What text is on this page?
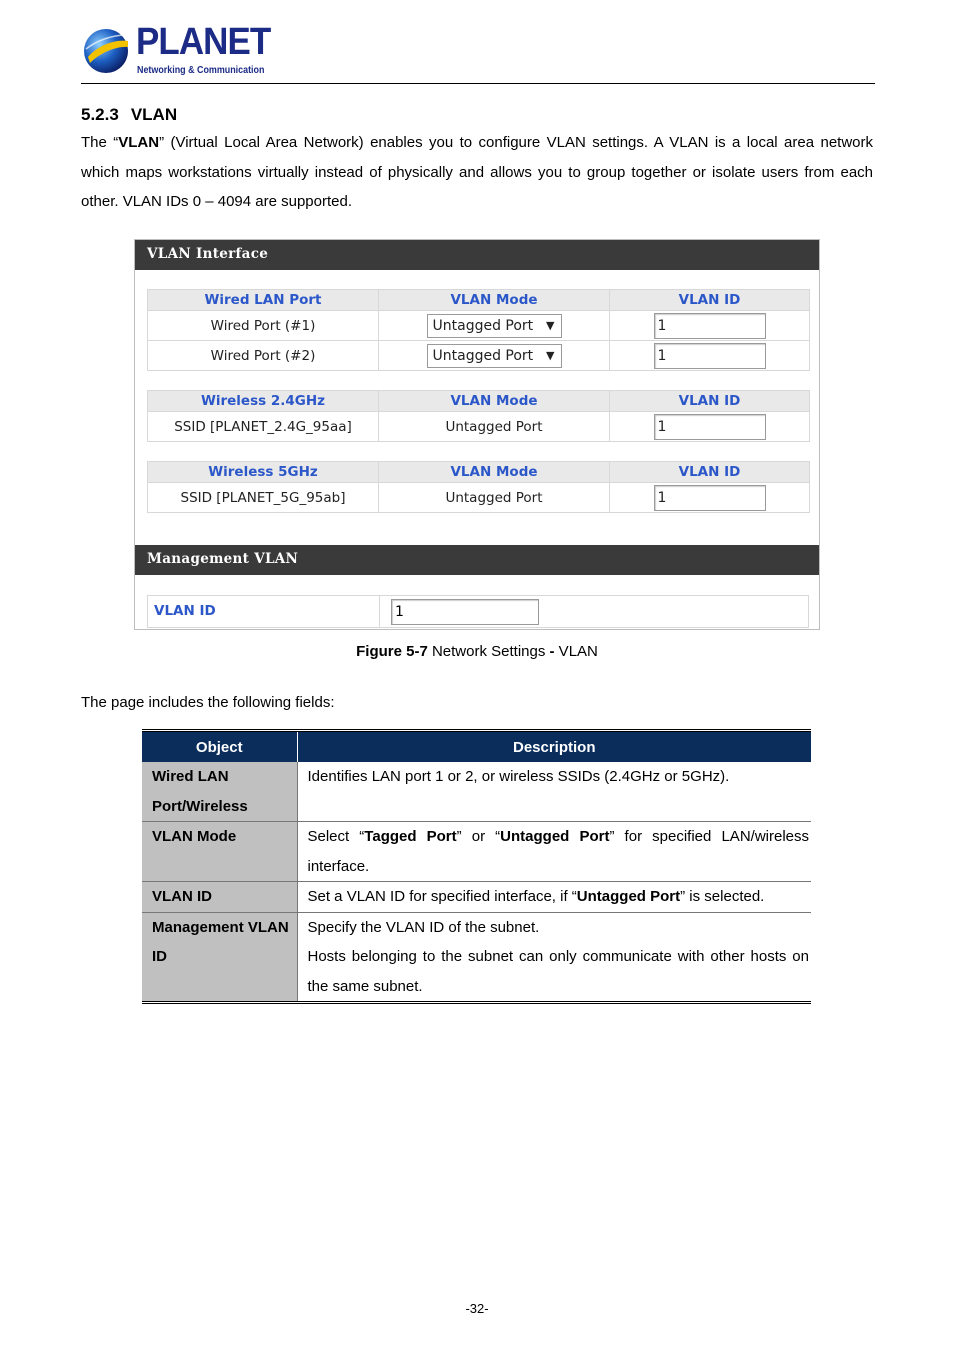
PLANET
Networking & Communication
5.2.3 VLAN

The “VLAN” (Virtual Local Area Network) enables you to configure VLAN settings. A VLAN is a local area network which maps workstations virtually instead of physically and allows you to group together or isolate users from each other. VLAN IDs 0 – 4094 are supported.

VLAN Interface
Wired LAN Port	VLAN Mode	VLAN ID
Wired Port (#1)	Untagged Port ▼	1
Wired Port (#2)	Untagged Port ▼	1
Wireless 2.4GHz	VLAN Mode	VLAN ID
SSID [PLANET_2.4G_95aa]	Untagged Port	1
Wireless 5GHz	VLAN Mode	VLAN ID
SSID [PLANET_5G_95ab]	Untagged Port	1
Management VLAN
VLAN ID	1
Figure 5-7 Network Settings - VLAN
The page includes the following fields:
Object	Description
Wired LAN Port/Wireless	Identifies LAN port 1 or 2, or wireless SSIDs (2.4GHz or 5GHz).
VLAN Mode	Select “Tagged Port” or “Untagged Port” for specified LAN/wireless interface.
VLAN ID	Set a VLAN ID for specified interface, if “Untagged Port” is selected.
Management VLAN ID	Specify the VLAN ID of the subnet.
Hosts belonging to the subnet can only communicate with other hosts on the same subnet.
-32-
